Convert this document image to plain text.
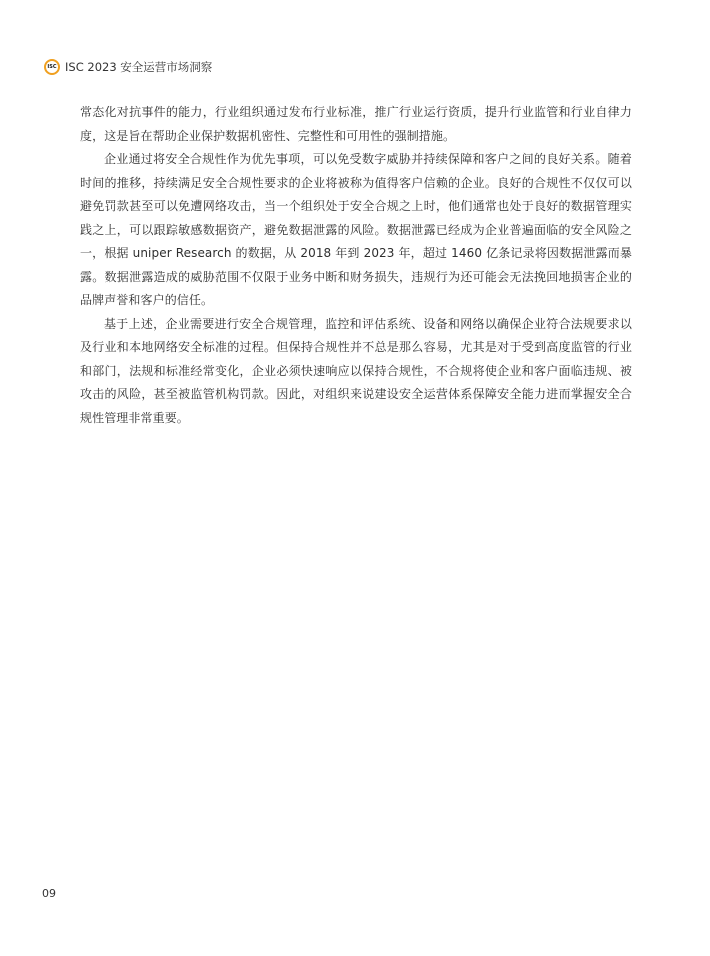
ISC ISC 2023 安全运营市场洞察

常态化对抗事件的能力，行业组织通过发布行业标准，推广行业运行资质，提升行业监管和行业自律力度，这是旨在帮助企业保护数据机密性、完整性和可用性的强制措施。

企业通过将安全合规性作为优先事项，可以免受数字威胁并持续保障和客户之间的良好关系。随着时间的推移，持续满足安全合规性要求的企业将被称为值得客户信赖的企业。良好的合规性不仅仅可以避免罚款甚至可以免遭网络攻击，当一个组织处于安全合规之上时，他们通常也处于良好的数据管理实践之上，可以跟踪敏感数据资产，避免数据泄露的风险。数据泄露已经成为企业普遍面临的安全风险之一，根据 uniper Research 的数据，从 2018 年到 2023 年，超过 1460 亿条记录将因数据泄露而暴露。数据泄露造成的威胁范围不仅限于业务中断和财务损失，违规行为还可能会无法挽回地损害企业的品牌声誉和客户的信任。

基于上述，企业需要进行安全合规管理，监控和评估系统、设备和网络以确保企业符合法规要求以及行业和本地网络安全标准的过程。但保持合规性并不总是那么容易，尤其是对于受到高度监管的行业和部门，法规和标准经常变化，企业必须快速响应以保持合规性，不合规将使企业和客户面临违规、被攻击的风险，甚至被监管机构罚款。因此，对组织来说建设安全运营体系保障安全能力进而掌握安全合规性管理非常重要。

09
